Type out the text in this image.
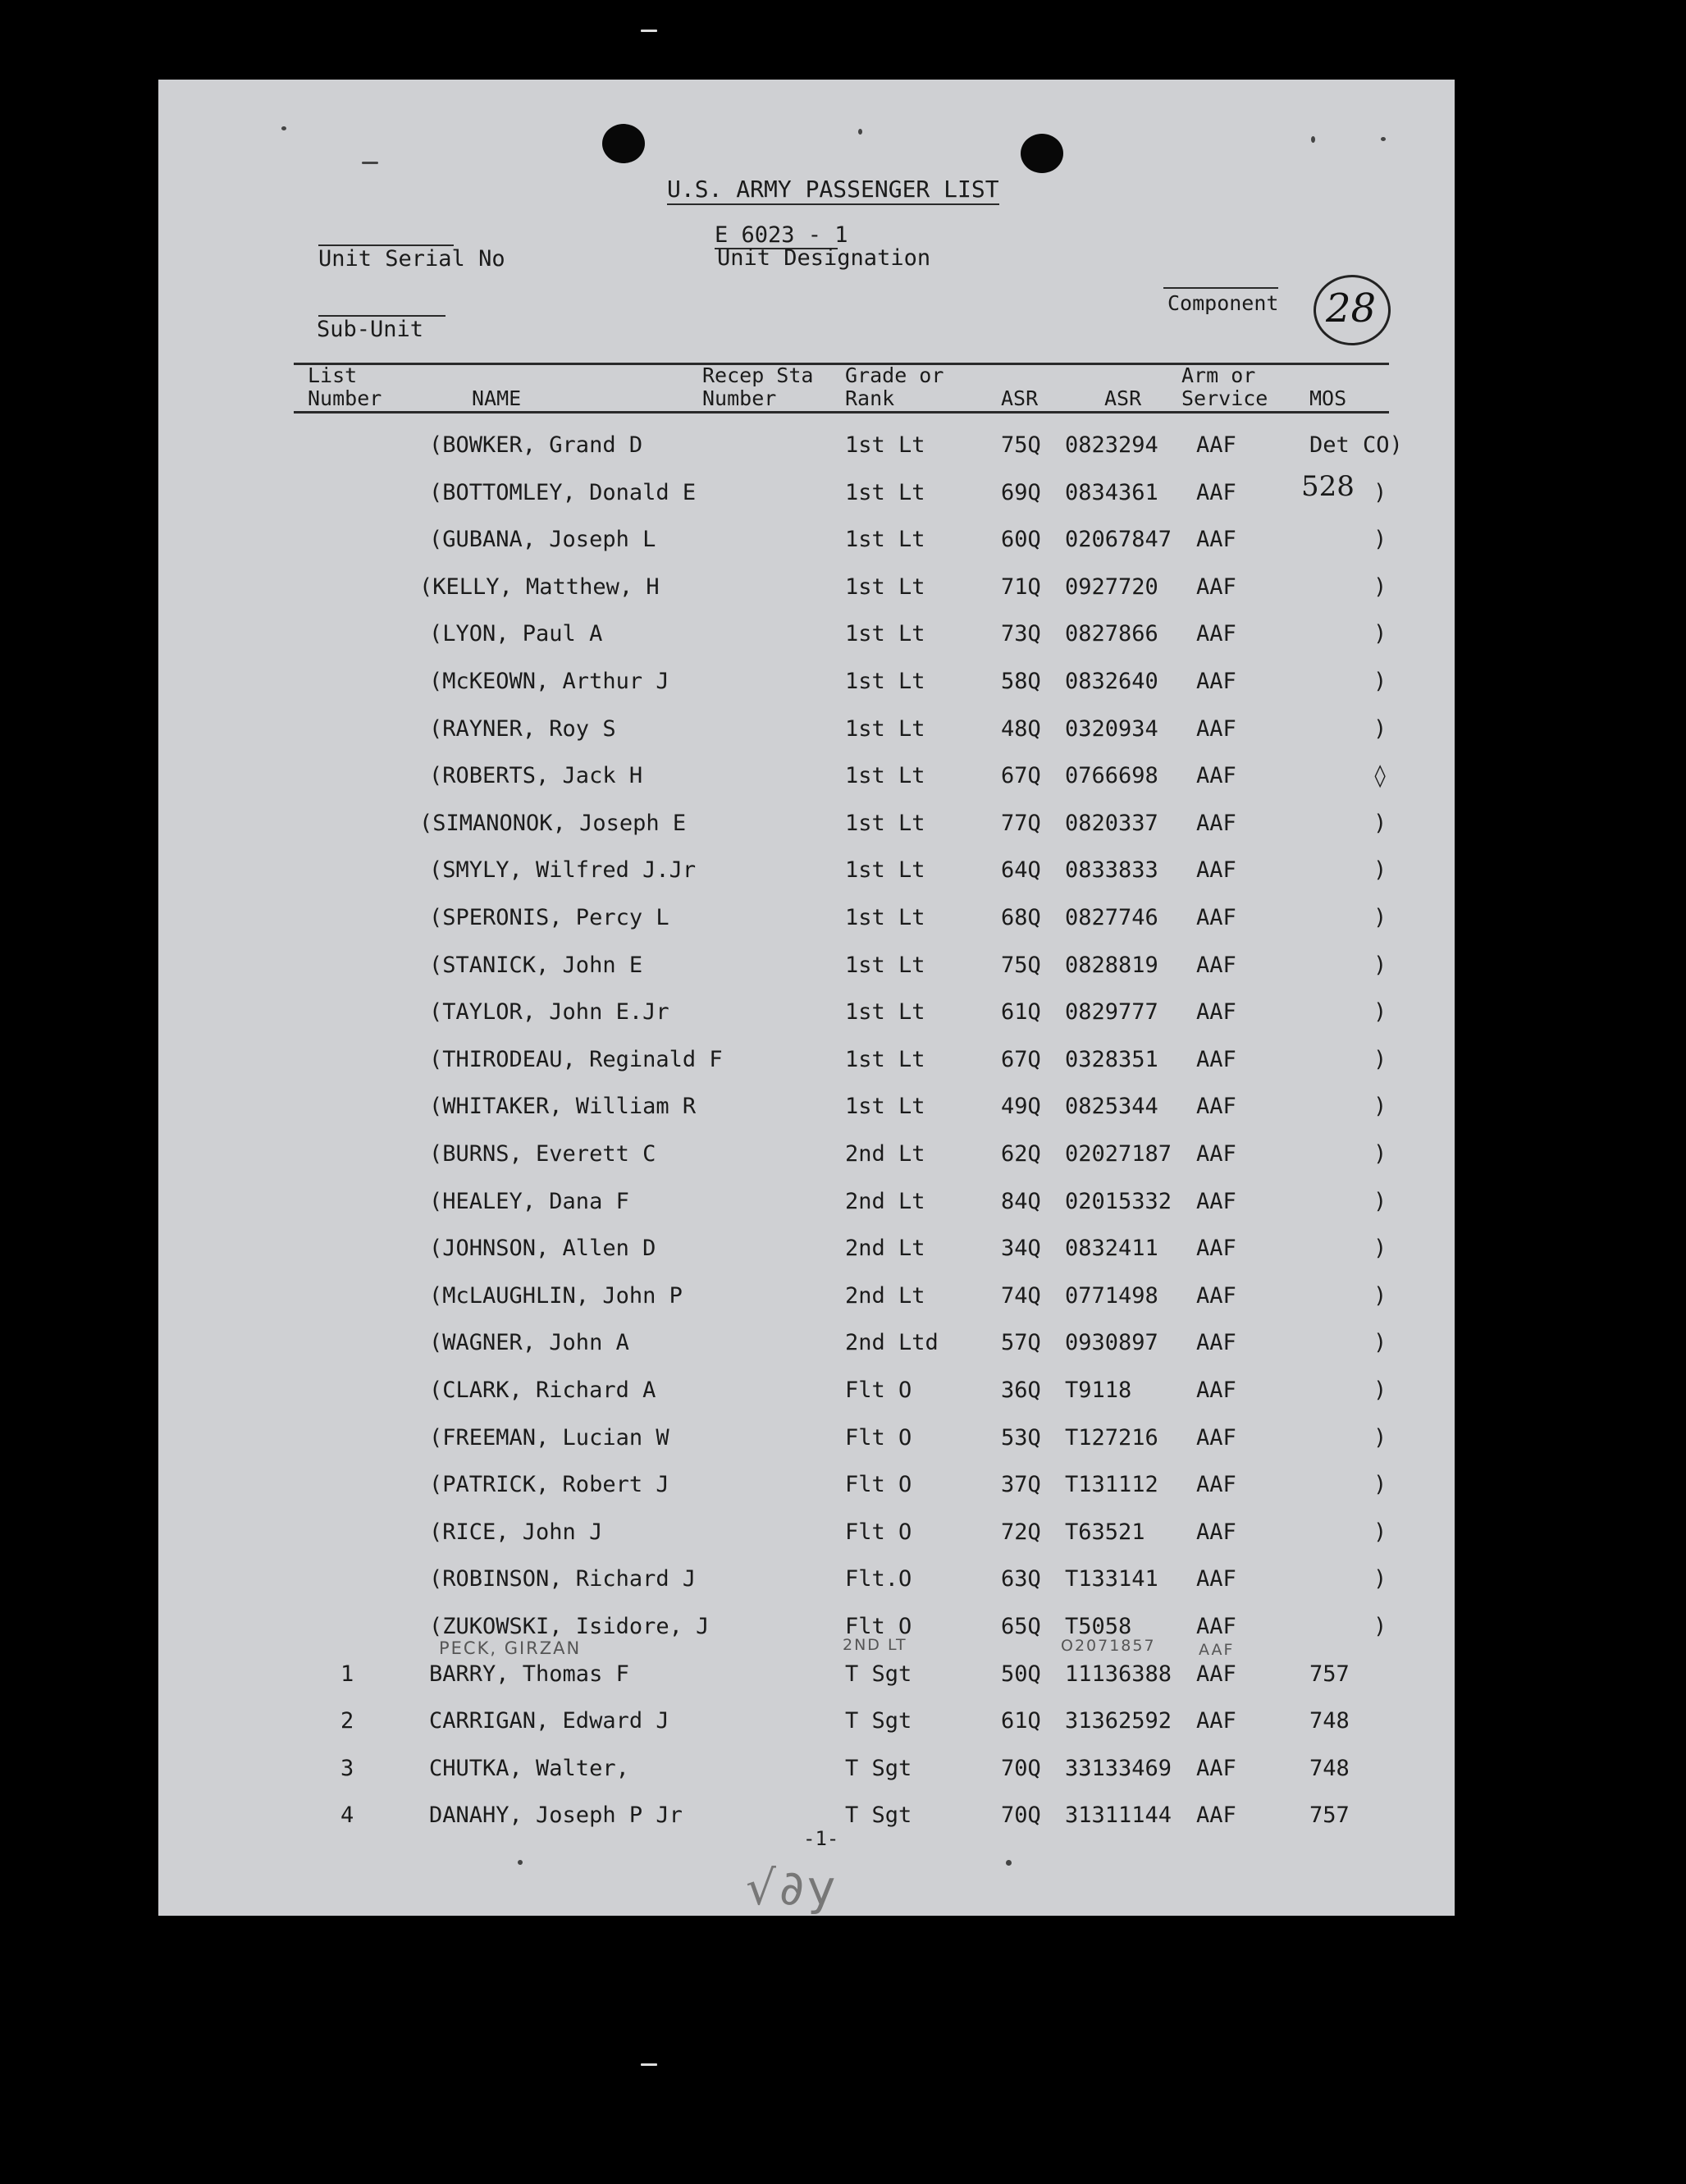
U.S. ARMY PASSENGER LIST
E 6023 - 1
Unit Designation
Unit Serial No
Component 28
Sub-Unit
List
Number	NAME
Recep Sta
Number
Grade or
Rank	ASR	ASR
Arm or
Service MOS
(BOWKER, Grand D	1st Lt	75Q 0823294 AAF	Det CO)
(BOTTOMLEY, Donald E	1st Lt	69Q 0834361 AAF 528 )
(GUBANA, Joseph L	1st Lt	60Q 02067847 AAF	)
(KELLY, Matthew, H	1st Lt	71Q 0927720 AAF	)
(LYON, Paul A	1st Lt	73Q 0827866 AAF	)
(McKEOWN, Arthur J	1st Lt	58Q 0832640 AAF	)
(RAYNER, Roy S	1st Lt	48Q 0320934 AAF	)
(ROBERTS, Jack H	1st Lt	67Q 0766698 AAF	◊
(SIMANONOK, Joseph E	1st Lt	77Q 0820337 AAF	)
(SMYLY, Wilfred J.Jr	1st Lt	64Q 0833833 AAF	)
(SPERONIS, Percy L	1st Lt	68Q 0827746 AAF	)
(STANICK, John E	1st Lt	75Q 0828819 AAF	)
(TAYLOR, John E.Jr	1st Lt	61Q 0829777 AAF	)
(THIRODEAU, Reginald F	1st Lt	67Q 0328351 AAF	)
(WHITAKER, William R	1st Lt	49Q 0825344 AAF	)
(BURNS, Everett C	2nd Lt	62Q 02027187 AAF	)
(HEALEY, Dana F	2nd Lt	84Q 02015332 AAF	)
(JOHNSON, Allen D	2nd Lt	34Q 0832411 AAF	)
(McLAUGHLIN, John P	2nd Lt	74Q 0771498 AAF	)
(WAGNER, John A	2nd Ltd	57Q 0930897 AAF	)
(CLARK, Richard A	Flt O	36Q T9118	AAF	)
(FREEMAN, Lucian W	Flt O	53Q T127216 AAF	)
(PATRICK, Robert J	Flt O	37Q T131112 AAF	)
(RICE, John J	Flt O	72Q T63521 AAF	)
(ROBINSON, Richard J	Flt.O	63Q T133141 AAF	)
(ZUKOWSKI, Isidore, J	Flt O	65Q T5058	AAF	)
1	BARRY, Thomas F	T Sgt	50Q 11136388 AAF	757
2	CARRIGAN, Edward J	T Sgt	61Q 31362592 AAF	748
3	CHUTKA, Walter,	T Sgt	70Q 33133469 AAF	748
4	DANAHY, Joseph P Jr	T Sgt	70Q 31311144 AAF	757
PECK, GIRZAN	2ND LT	O2071857	AAF
-1-
√∂y
